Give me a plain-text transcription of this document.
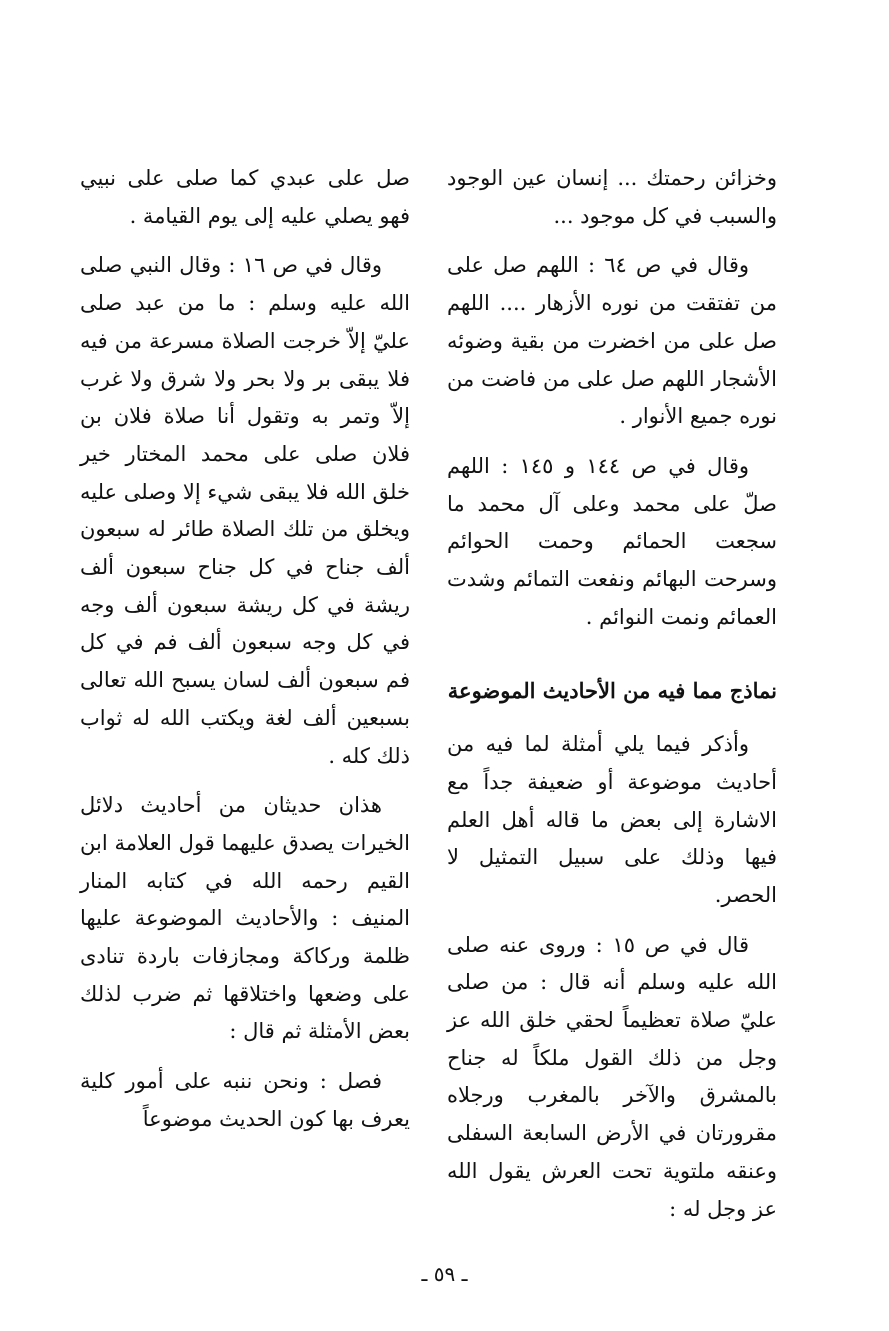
وخزائن رحمتك ... إنسان عين الوجود والسبب في كل موجود ...

وقال في ص ٦٤ : اللهم صل على من تفتقت من نوره الأزهار .... اللهم صل على من اخضرت من بقية وضوئه الأشجار اللهم صل على من فاضت من نوره جميع الأنوار .

وقال في ص ١٤٤ و ١٤٥ : اللهم صلّ على محمد وعلى آل محمد ما سجعت الحمائم وحمت الحوائم وسرحت البهائم ونفعت التمائم وشدت العمائم ونمت النوائم .

نماذج مما فيه من الأحاديث الموضوعة

وأذكر فيما يلي أمثلة لما فيه من أحاديث موضوعة أو ضعيفة جداً مع الاشارة إلى بعض ما قاله أهل العلم فيها وذلك على سبيل التمثيل لا الحصر.

قال في ص ١٥ : وروى عنه صلى الله عليه وسلم أنه قال : من صلى عليّ صلاة تعظيماً لحقي خلق الله عز وجل من ذلك القول ملكاً له جناح بالمشرق والآخر بالمغرب ورجلاه مقرورتان في الأرض السابعة السفلى وعنقه ملتوية تحت العرش يقول الله عز وجل له :

صل على عبدي كما صلى على نبيي فهو يصلي عليه إلى يوم القيامة .

وقال في ص ١٦ : وقال النبي صلى الله عليه وسلم : ما من عبد صلى عليّ إلاّ خرجت الصلاة مسرعة من فيه فلا يبقى بر ولا بحر ولا شرق ولا غرب إلاّ وتمر به وتقول أنا صلاة فلان بن فلان صلى على محمد المختار خير خلق الله فلا يبقى شيء إلا وصلى عليه ويخلق من تلك الصلاة طائر له سبعون ألف جناح في كل جناح سبعون ألف ريشة في كل ريشة سبعون ألف وجه في كل وجه سبعون ألف فم في كل فم سبعون ألف لسان يسبح الله تعالى بسبعين ألف لغة ويكتب الله له ثواب ذلك كله .

هذان حديثان من أحاديث دلائل الخيرات يصدق عليهما قول العلامة ابن القيم رحمه الله في كتابه المنار المنيف : والأحاديث الموضوعة عليها ظلمة وركاكة ومجازفات باردة تنادى على وضعها واختلاقها ثم ضرب لذلك بعض الأمثلة ثم قال :

فصل : ونحن ننبه على أمور كلية يعرف بها كون الحديث موضوعاً

ـ ٥٩ ـ
